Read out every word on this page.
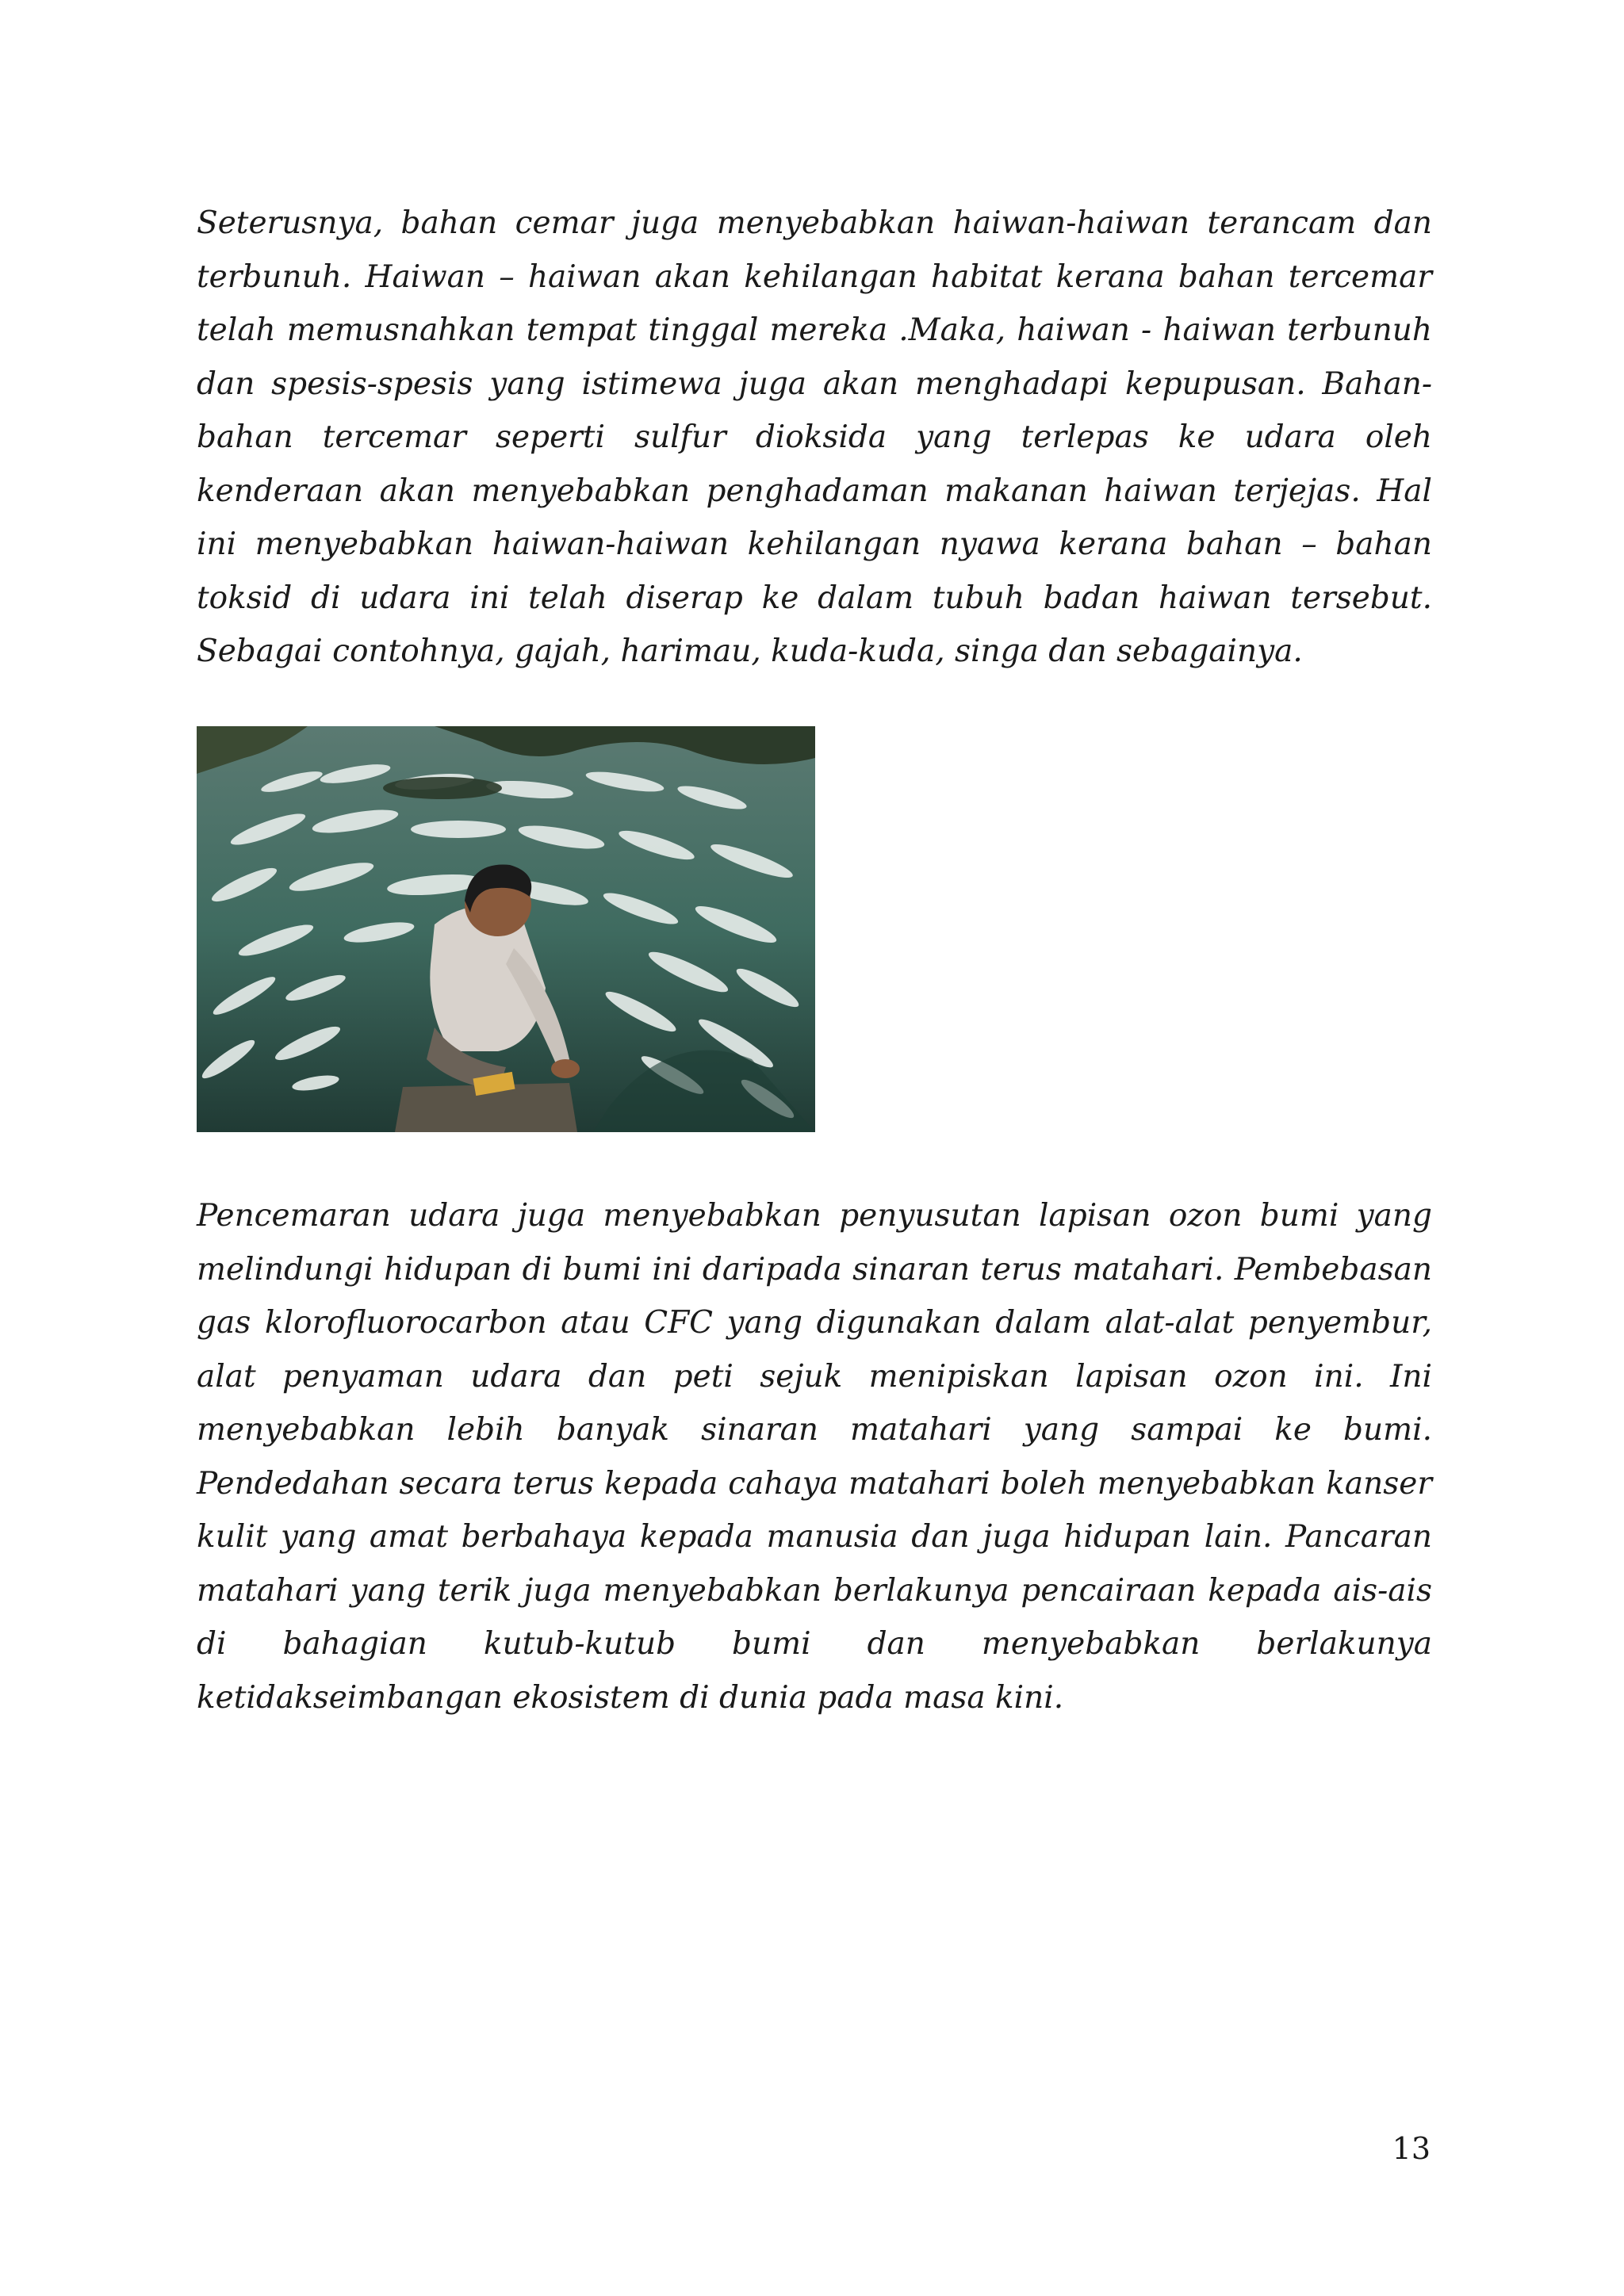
Seterusnya, bahan cemar juga menyebabkan haiwan-haiwan terancam dan terbunuh. Haiwan – haiwan akan kehilangan habitat kerana bahan tercemar telah memusnahkan tempat tinggal mereka .Maka, haiwan - haiwan terbunuh dan spesis-spesis yang istimewa juga akan menghadapi kepupusan. Bahan-bahan tercemar seperti sulfur dioksida yang terlepas ke udara oleh kenderaan akan menyebabkan penghadaman makanan haiwan terjejas. Hal ini menyebabkan haiwan-haiwan kehilangan nyawa kerana bahan – bahan toksid di udara ini telah diserap ke dalam tubuh badan haiwan tersebut. Sebagai contohnya, gajah, harimau, kuda-kuda, singa dan sebagainya.

Pencemaran udara juga menyebabkan penyusutan lapisan ozon bumi yang melindungi hidupan di bumi ini daripada sinaran terus matahari. Pembebasan gas klorofluorocarbon atau CFC yang digunakan dalam alat-alat penyembur, alat penyaman udara dan peti sejuk menipiskan lapisan ozon ini. Ini menyebabkan lebih banyak sinaran matahari yang sampai ke bumi. Pendedahan secara terus kepada cahaya matahari boleh menyebabkan kanser kulit yang amat berbahaya kepada manusia dan juga hidupan lain. Pancaran matahari yang terik juga menyebabkan berlakunya pencairaan kepada ais-ais di bahagian kutub-kutub bumi dan menyebabkan berlakunya ketidakseimbangan ekosistem di dunia pada masa kini.

13
